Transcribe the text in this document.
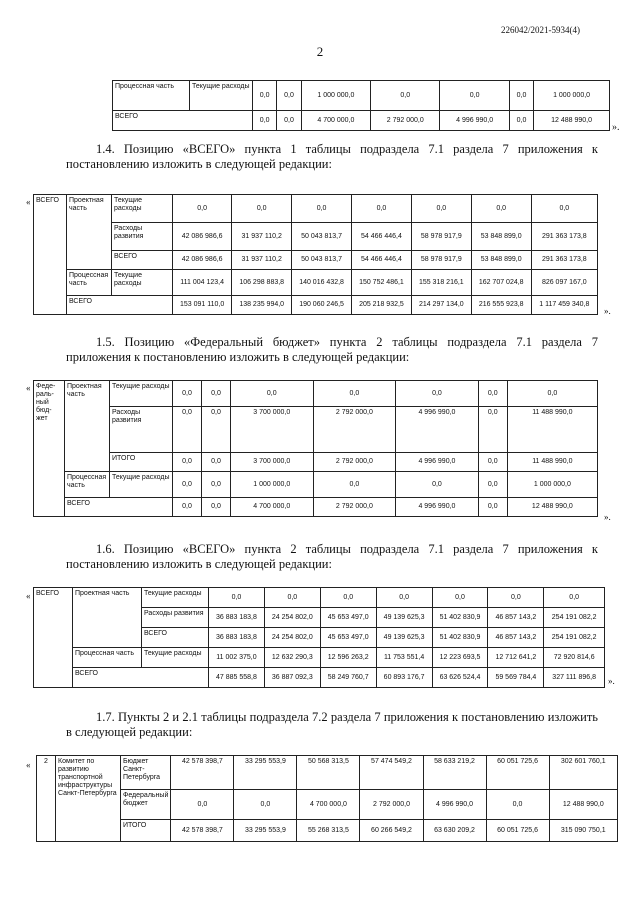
226042/2021-5934(4)
2
Процессная часть	Текущие расходы	0,0	0,0	1 000 000,0	0,0	0,0	0,0	1 000 000,0
ВСЕГО		0,0	0,0	4 700 000,0	2 792 000,0	4 996 990,0	0,0	12 488 990,0
».

1.4. Позицию «ВСЕГО» пункта 1 таблицы подраздела 7.1 раздела 7 приложения к постановлению изложить в следующей редакции:

« ВСЕГО	Проектная часть	Текущие расходы	0,0	0,0	0,0	0,0	0,0	0,0	0,0
		Расходы развития	42 086 986,6	31 937 110,2	50 043 813,7	54 466 446,4	58 978 917,9	53 848 899,0	291 363 173,8
		ВСЕГО	42 086 986,6	31 937 110,2	50 043 813,7	54 466 446,4	58 978 917,9	53 848 899,0	291 363 173,8
	Процессная часть	Текущие расходы	111 004 123,4	106 298 883,8	140 016 432,8	150 752 486,1	155 318 216,1	162 707 024,8	826 097 167,0
	ВСЕГО		153 091 110,0	138 235 994,0	190 060 246,5	205 218 932,5	214 297 134,0	216 555 923,8	1 117 459 340,8
».

1.5. Позицию «Федеральный бюджет» пункта 2 таблицы подраздела 7.1 раздела 7 приложения к постановлению изложить в следующей редакции:

« Феде-раль-ный бюд-жет	Проектная часть	Текущие расходы	0,0	0,0	0,0	0,0	0,0	0,0	0,0
		Расходы развития	0,0	0,0	3 700 000,0	2 792 000,0	4 996 990,0	0,0	11 488 990,0
		ИТОГО	0,0	0,0	3 700 000,0	2 792 000,0	4 996 990,0	0,0	11 488 990,0
	Процессная часть	Текущие расходы	0,0	0,0	1 000 000,0	0,0	0,0	0,0	1 000 000,0
	ВСЕГО		0,0	0,0	4 700 000,0	2 792 000,0	4 996 990,0	0,0	12 488 990,0
».

1.6. Позицию «ВСЕГО» пункта 2 таблицы подраздела 7.1 раздела 7 приложения к постановлению изложить в следующей редакции:

« ВСЕГО	Проектная часть	Текущие расходы	0,0	0,0	0,0	0,0	0,0	0,0	0,0
		Расходы развития	36 883 183,8	24 254 802,0	45 653 497,0	49 139 625,3	51 402 830,9	46 857 143,2	254 191 082,2
		ВСЕГО	36 883 183,8	24 254 802,0	45 653 497,0	49 139 625,3	51 402 830,9	46 857 143,2	254 191 082,2
	Процессная часть	Текущие расходы	11 002 375,0	12 632 290,3	12 596 263,2	11 753 551,4	12 223 693,5	12 712 641,2	72 920 814,6
	ВСЕГО		47 885 558,8	36 887 092,3	58 249 760,7	60 893 176,7	63 626 524,4	59 569 784,4	327 111 896,8 ».

1.7. Пункты 2 и 2.1 таблицы подраздела 7.2 раздела 7 приложения к постановлению изложить в следующей редакции:

« 2	Комитет по развитию транспортной инфраструктуры Санкт-Петербурга	Бюджет Санкт-Петербурга	42 578 398,7	33 295 553,9	50 568 313,5	57 474 549,2	58 633 219,2	60 051 725,6	302 601 760,1
		Федеральный бюджет	0,0	0,0	4 700 000,0	2 792 000,0	4 996 990,0	0,0	12 488 990,0
		ИТОГО	42 578 398,7	33 295 553,9	55 268 313,5	60 266 549,2	63 630 209,2	60 051 725,6	315 090 750,1
